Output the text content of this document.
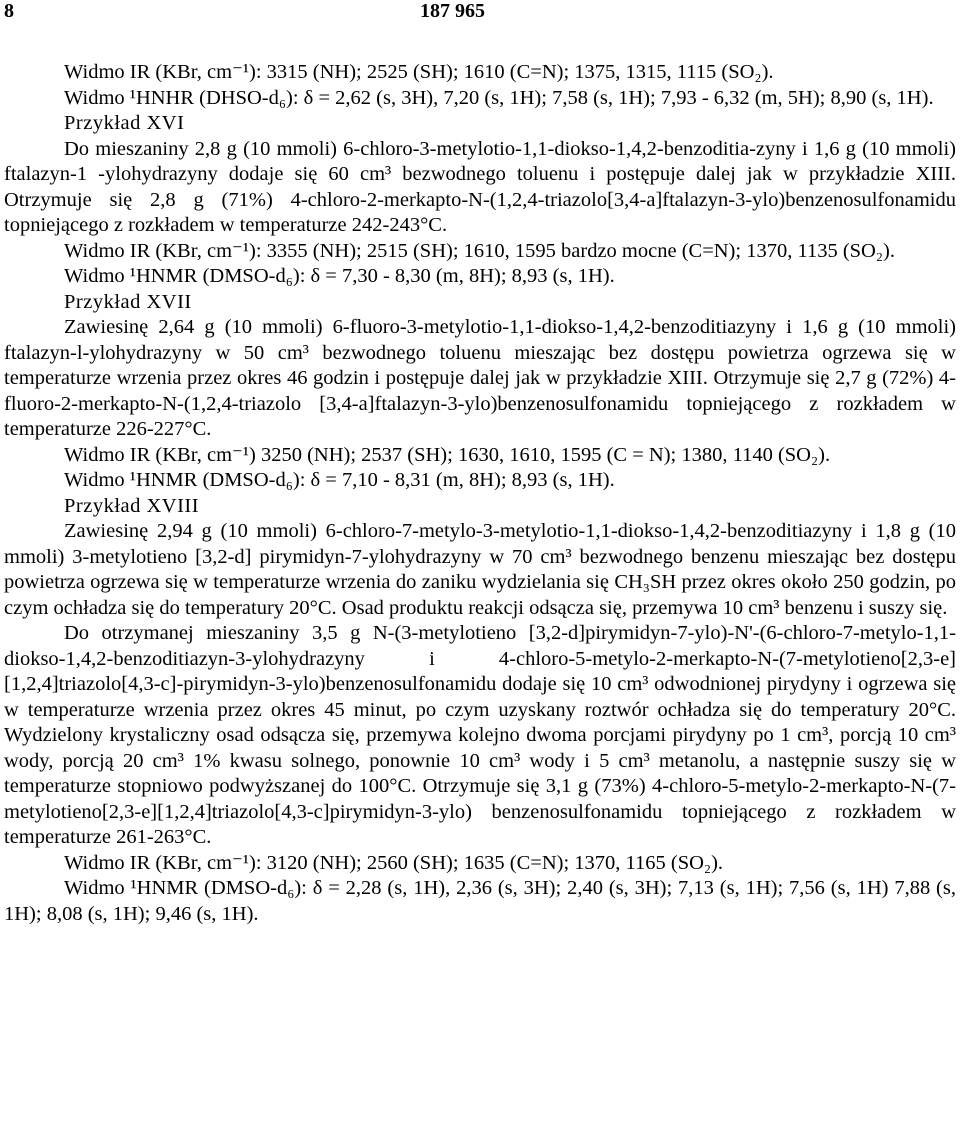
8	187 965

Widmo IR (KBr, cm⁻¹): 3315 (NH); 2525 (SH); 1610 (C=N); 1375, 1315, 1115 (SO₂).

Widmo ¹HNHR (DHSO-d₆): δ = 2,62 (s, 3H), 7,20 (s, 1H); 7,58 (s, 1H); 7,93 - 6,32 (m, 5H); 8,90 (s, 1H).

Przykład XVI

Do mieszaniny 2,8 g (10 mmoli) 6-chloro-3-metylotio-1,1-diokso-1,4,2-benzoditia-zyny i 1,6 g (10 mmoli) ftalazyn-1 -ylohydrazyny dodaje się 60 cm³ bezwodnego toluenu i postępuje dalej jak w przykładzie XIII. Otrzymuje się 2,8 g (71%) 4-chloro-2-merkapto-N-(1,2,4-triazolo[3,4-a]ftalazyn-3-ylo)benzenosulfonamidu topniejącego z rozkładem w temperaturze 242-243°C.

Widmo IR (KBr, cm⁻¹): 3355 (NH); 2515 (SH); 1610, 1595 bardzo mocne (C=N); 1370, 1135 (SO₂).

Widmo ¹HNMR (DMSO-d₆): δ = 7,30 - 8,30 (m, 8H); 8,93 (s, 1H).

Przykład XVII

Zawiesinę 2,64 g (10 mmoli) 6-fluoro-3-metylotio-1,1-diokso-1,4,2-benzoditiazyny i 1,6 g (10 mmoli) ftalazyn-l-ylohydrazyny w 50 cm³ bezwodnego toluenu mieszając bez dostępu powietrza ogrzewa się w temperaturze wrzenia przez okres 46 godzin i postępuje dalej jak w przykładzie XIII. Otrzymuje się 2,7 g (72%) 4-fluoro-2-merkapto-N-(1,2,4-triazolo [3,4-a]ftalazyn-3-ylo)benzenosulfonamidu topniejącego z rozkładem w temperaturze 226-227°C.

Widmo IR (KBr, cm⁻¹) 3250 (NH); 2537 (SH); 1630, 1610, 1595 (C = N); 1380, 1140 (SO₂).

Widmo ¹HNMR (DMSO-d₆): δ = 7,10 - 8,31 (m, 8H); 8,93 (s, 1H).

Przykład XVIII

Zawiesinę 2,94 g (10 mmoli) 6-chloro-7-metylo-3-metylotio-1,1-diokso-1,4,2-benzoditiazyny i 1,8 g (10 mmoli) 3-metylotieno [3,2-d] pirymidyn-7-ylohydrazyny w 70 cm³ bezwodnego benzenu mieszając bez dostępu powietrza ogrzewa się w temperaturze wrzenia do zaniku wydzielania się CH₃SH przez okres około 250 godzin, po czym ochładza się do temperatury 20°C. Osad produktu reakcji odsącza się, przemywa 10 cm³ benzenu i suszy się.

Do otrzymanej mieszaniny 3,5 g N-(3-metylotieno [3,2-d]pirymidyn-7-ylo)-N'-(6-chloro-7-metylo-1,1-diokso-1,4,2-benzoditiazyn-3-ylohydrazyny i 4-chloro-5-metylo-2-merkapto-N-(7-metylotieno[2,3-e][1,2,4]triazolo[4,3-c]-pirymidyn-3-ylo)benzenosulfonamidu dodaje się 10 cm³ odwodnionej pirydyny i ogrzewa się w temperaturze wrzenia przez okres 45 minut, po czym uzyskany roztwór ochładza się do temperatury 20°C. Wydzielony krystaliczny osad odsącza się, przemywa kolejno dwoma porcjami pirydyny po 1 cm³, porcją 10 cm³ wody, porcją 20 cm³ 1% kwasu solnego, ponownie 10 cm³ wody i 5 cm³ metanolu, a następnie suszy się w temperaturze stopniowo podwyższanej do 100°C. Otrzymuje się 3,1 g (73%) 4-chloro-5-metylo-2-merkapto-N-(7-metylotieno[2,3-e][1,2,4]triazolo[4,3-c]pirymidyn-3-ylo) benzenosulfonamidu topniejącego z rozkładem w temperaturze 261-263°C.

Widmo IR (KBr, cm⁻¹): 3120 (NH); 2560 (SH); 1635 (C=N); 1370, 1165 (SO₂).

Widmo ¹HNMR (DMSO-d₆): δ = 2,28 (s, 1H), 2,36 (s, 3H); 2,40 (s, 3H); 7,13 (s, 1H); 7,56 (s, 1H) 7,88 (s, 1H); 8,08 (s, 1H); 9,46 (s, 1H).
